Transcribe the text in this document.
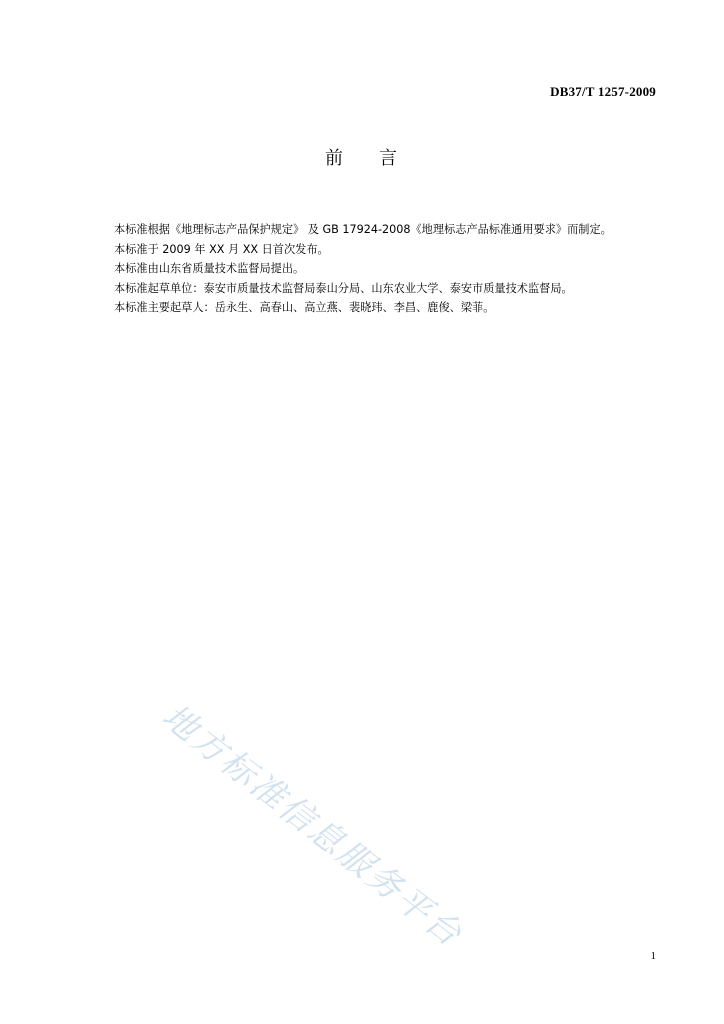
DB37/T 1257-2009
前 言
本标准根据《地理标志产品保护规定》 及 GB 17924-2008《地理标志产品标准通用要求》而制定。
本标准于 2009 年 XX 月 XX 日首次发布。
本标准由山东省质量技术监督局提出。
本标准起草单位：泰安市质量技术监督局泰山分局、山东农业大学、泰安市质量技术监督局。
本标准主要起草人：岳永生、高春山、高立燕、裴晓玮、李昌、鹿俊、梁菲。
地方标准信息服务平台
1
